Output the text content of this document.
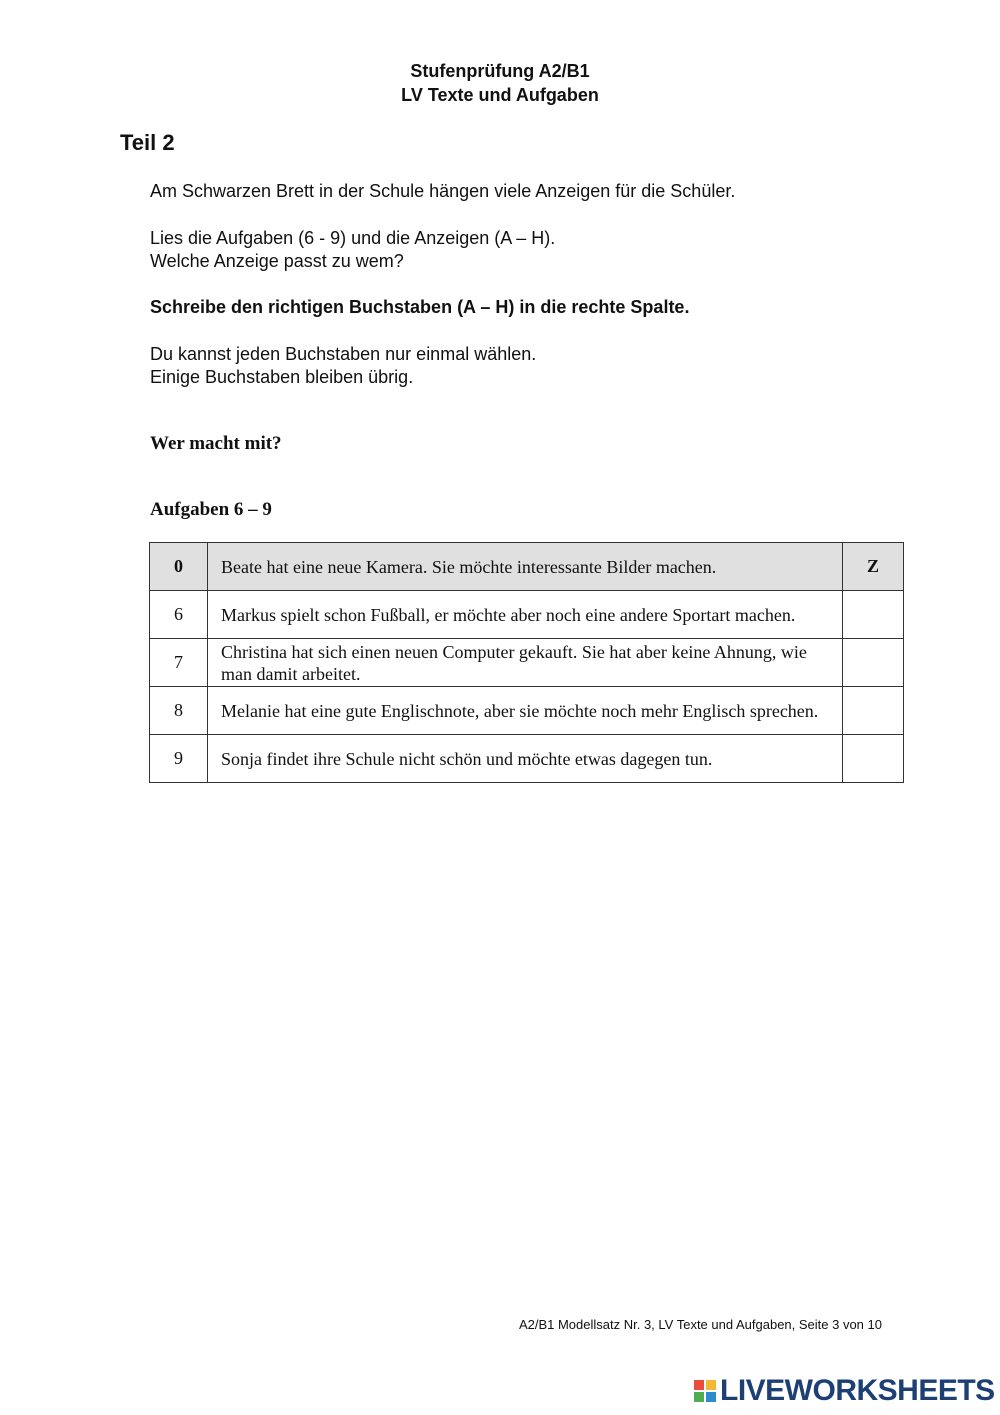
Stufenprüfung A2/B1
LV Texte und Aufgaben
Teil 2
Am Schwarzen Brett in der Schule hängen viele Anzeigen für die Schüler.
Lies die Aufgaben (6 - 9) und die Anzeigen (A – H).
Welche Anzeige passt zu wem?
Schreibe den richtigen Buchstaben (A – H) in die rechte Spalte.
Du kannst jeden Buchstaben nur einmal wählen.
Einige Buchstaben bleiben übrig.
Wer macht mit?
Aufgaben 6 – 9
0	Beate hat eine neue Kamera. Sie möchte interessante Bilder machen.	Z
6	Markus spielt schon Fußball, er möchte aber noch eine andere Sportart machen.	
7	Christina hat sich einen neuen Computer gekauft. Sie hat aber keine Ahnung, wie man damit arbeitet.	
8	Melanie hat eine gute Englischnote, aber sie möchte noch mehr Englisch sprechen.	
9	Sonja findet ihre Schule nicht schön und möchte etwas dagegen tun.	
A2/B1 Modellsatz Nr. 3, LV Texte und Aufgaben, Seite 3 von 10
LIVEWORKSHEETS
